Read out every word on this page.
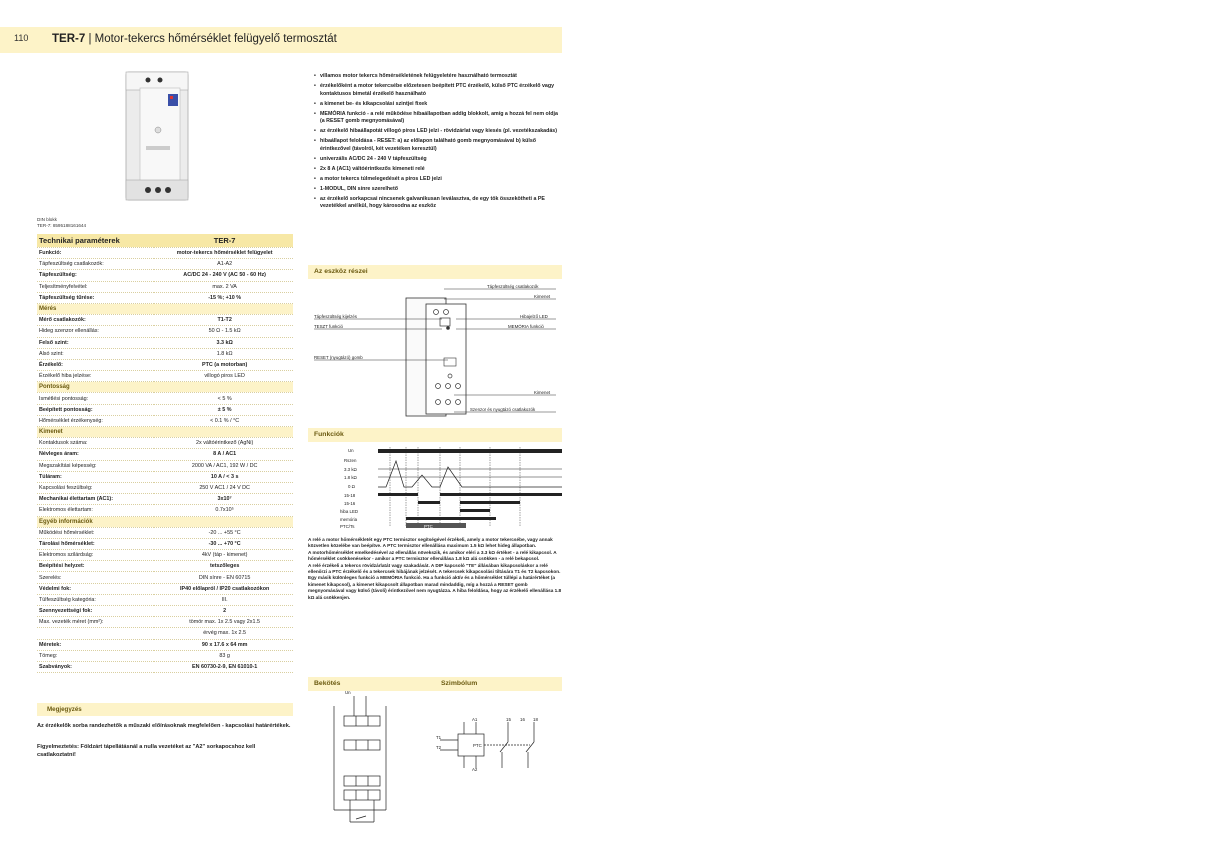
110 TER-7 | Motor-tekercs hőmérséklet felügyelő termosztát
DIN blokk
TER-7: 8595188161644
Technikai paraméterek	TER-7
Funkció:	motor-tekercs hőmérséklet felügyelet
Tápfeszültség csatlakozók:	A1-A2
Tápfeszültség:	AC/DC 24 - 240 V (AC 50 - 60 Hz)
Teljesítményfelvétel:	max. 2 VA
Tápfeszültség tűrése:	-15 %; +10 %
Mérés	
Mérő csatlakozók:	T1-T2
Hideg szenzor ellenállás:	50 Ω - 1.5 kΩ
Felső szint:	3.3 kΩ
Alsó szint:	1.8 kΩ
Érzékelő:	PTC (a motorban)
Érzékelő hiba jelzése:	villogó piros LED
Pontosság	
Ismétlési pontosság:	< 5 %
Beépített pontosság:	± 5 %
Hőmérséklet érzékenység:	< 0.1 % / °C
Kimenet	
Kontaktusok száma:	2x váltóérintkező (AgNi)
Névleges áram:	8 A / AC1
Megszakítási képesség:	2000 VA / AC1, 192 W / DC
Túláram:	10 A / < 3 s
Kapcsolási feszültség:	250 V AC1 / 24 V DC
Mechanikai élettartam (AC1):	3x10⁷
Elektromos élettartam:	0.7x10⁵
Egyéb információk	
Működési hőmérséklet:	-20 ... +55 °C
Tárolási hőmérséklet:	-30 ... +70 °C
Elektromos szilárdság:	4kV (táp - kimenet)
Beépítési helyzet:	tetszőleges
Szerelés:	DIN sínre - EN 60715
Védelmi fok:	IP40 előlapról / IP20 csatlakozókon
Túlfeszültség kategória:	III.
Szennyezettségi fok:	2
Max. vezeték méret (mm²):	tömör max. 1x 2.5 vagy 2x1.5
	érvég max. 1x 2.5
Méretek:	90 x 17.6 x 64 mm
Tömeg:	83 g
Szabványok:	EN 60730-2-9, EN 61010-1
Megjegyzés
Az érzékelők sorba randezhetők a műszaki előírásoknak megfelelően - kapcsolási határértékek.
Figyelmeztetés: Földzárt tápellátásnál a nulla vezetéket az "A2" sorkapocshoz kell csatlakoztatni!
• villamos motor tekercs hőmérsékletének felügyeletére használható termosztát
• érzékelőként a motor tekercsébe előzetesen beépített PTC érzékelő, külső PTC érzékelő vagy kontaktusos bimetál érzékelő használható
• a kimenet be- és kikapcsolási szintjei fixek
• MEMÓRIA funkció - a relé működése hibaállapotban addig blokkolt, amíg a hozzá fel nem oldja (a RESET gomb megnyomásával)
• az érzékelő hibaállapotát villogó piros LED jelzi - rövidzárlat vagy kiesés (pl. vezetékszakadás)
• hibaállapot feloldása - RESET: a) az előlapon található gomb megnyomásával b) külső érintkezővel (távolról, két vezetéken keresztül)
• univerzális AC/DC 24 - 240 V tápfeszültség
• 2x 8 A (AC1) váltóérintkezős kimeneti relé
• a motor tekercs túlmelegedését a piros LED jelzi
• 1-MODUL, DIN sínre szerelhető
• az érzékelő sorkapcsai nincsenek galvanikusan leválasztva, de egy tök összekötheti a PE vezetékkel anélkül, hogy károsodna az eszköz
Az eszköz részei
Tápfeszültség csatlakozók
Kimenet
Tápfeszültség kijelzés	Hibajelző LED
TESZT funkció	MEMÓRIA funkció
RESET (nyugtázó) gomb
Kimenet
Szenzor és nyugtázó csatlakozók
Funkciók
Un
Rszen
3.3 kΩ
1.8 kΩ
0 Ω
15-18
15-16
hiba LED
memória
PTC/Ts	PTC

A relé a motor hőmérsékletét egy PTC termisztor segítségével érzékeli, amely a motor tekercsébe, vagy annak közvetlen közelébe van beépítve. A PTC termisztor ellenállása maximum 1.5 kΩ lehet hideg állapotban.

A motorhőmérséklet emelkedésével az ellenállás növekszik, és amikor eléri a 3.3 kΩ értéket - a relé kikapcsol. A hőmérséklet csökkenésekor - amikor a PTC termisztor ellenállása 1.8 kΩ alá csökken - a relé bekapcsol.

A relé érzékeli a tekercs rövidzárlatát vagy szakadását. A DIP kapcsoló "TE" állásában kikapcsoláskor a relé ellenőrzi a PTC érzékelő és a tekercsek hibájának jelzését. A tekercsek kikapcsolási tiltására T1 és T2 kapcsokon.

Egy másik különleges funkció a MEMÓRIA funkció. Ha a funkció aktív és a hőmérséklet túllépi a határértéket (a kimenet kikapcsol), a kimenet kikapcsolt állapotban marad mindaddig, míg a hozzá a RESET gomb megnyomásával vagy külső (távoli) érintkezővel nem nyugtázza. A hiba feloldása, hogy az érzékelő ellenállása 1.8 kΩ alá csökkenjen.

Bekötés	Szimbólum
Un
PTC
A1
A2
T1
T2
15 16 18
